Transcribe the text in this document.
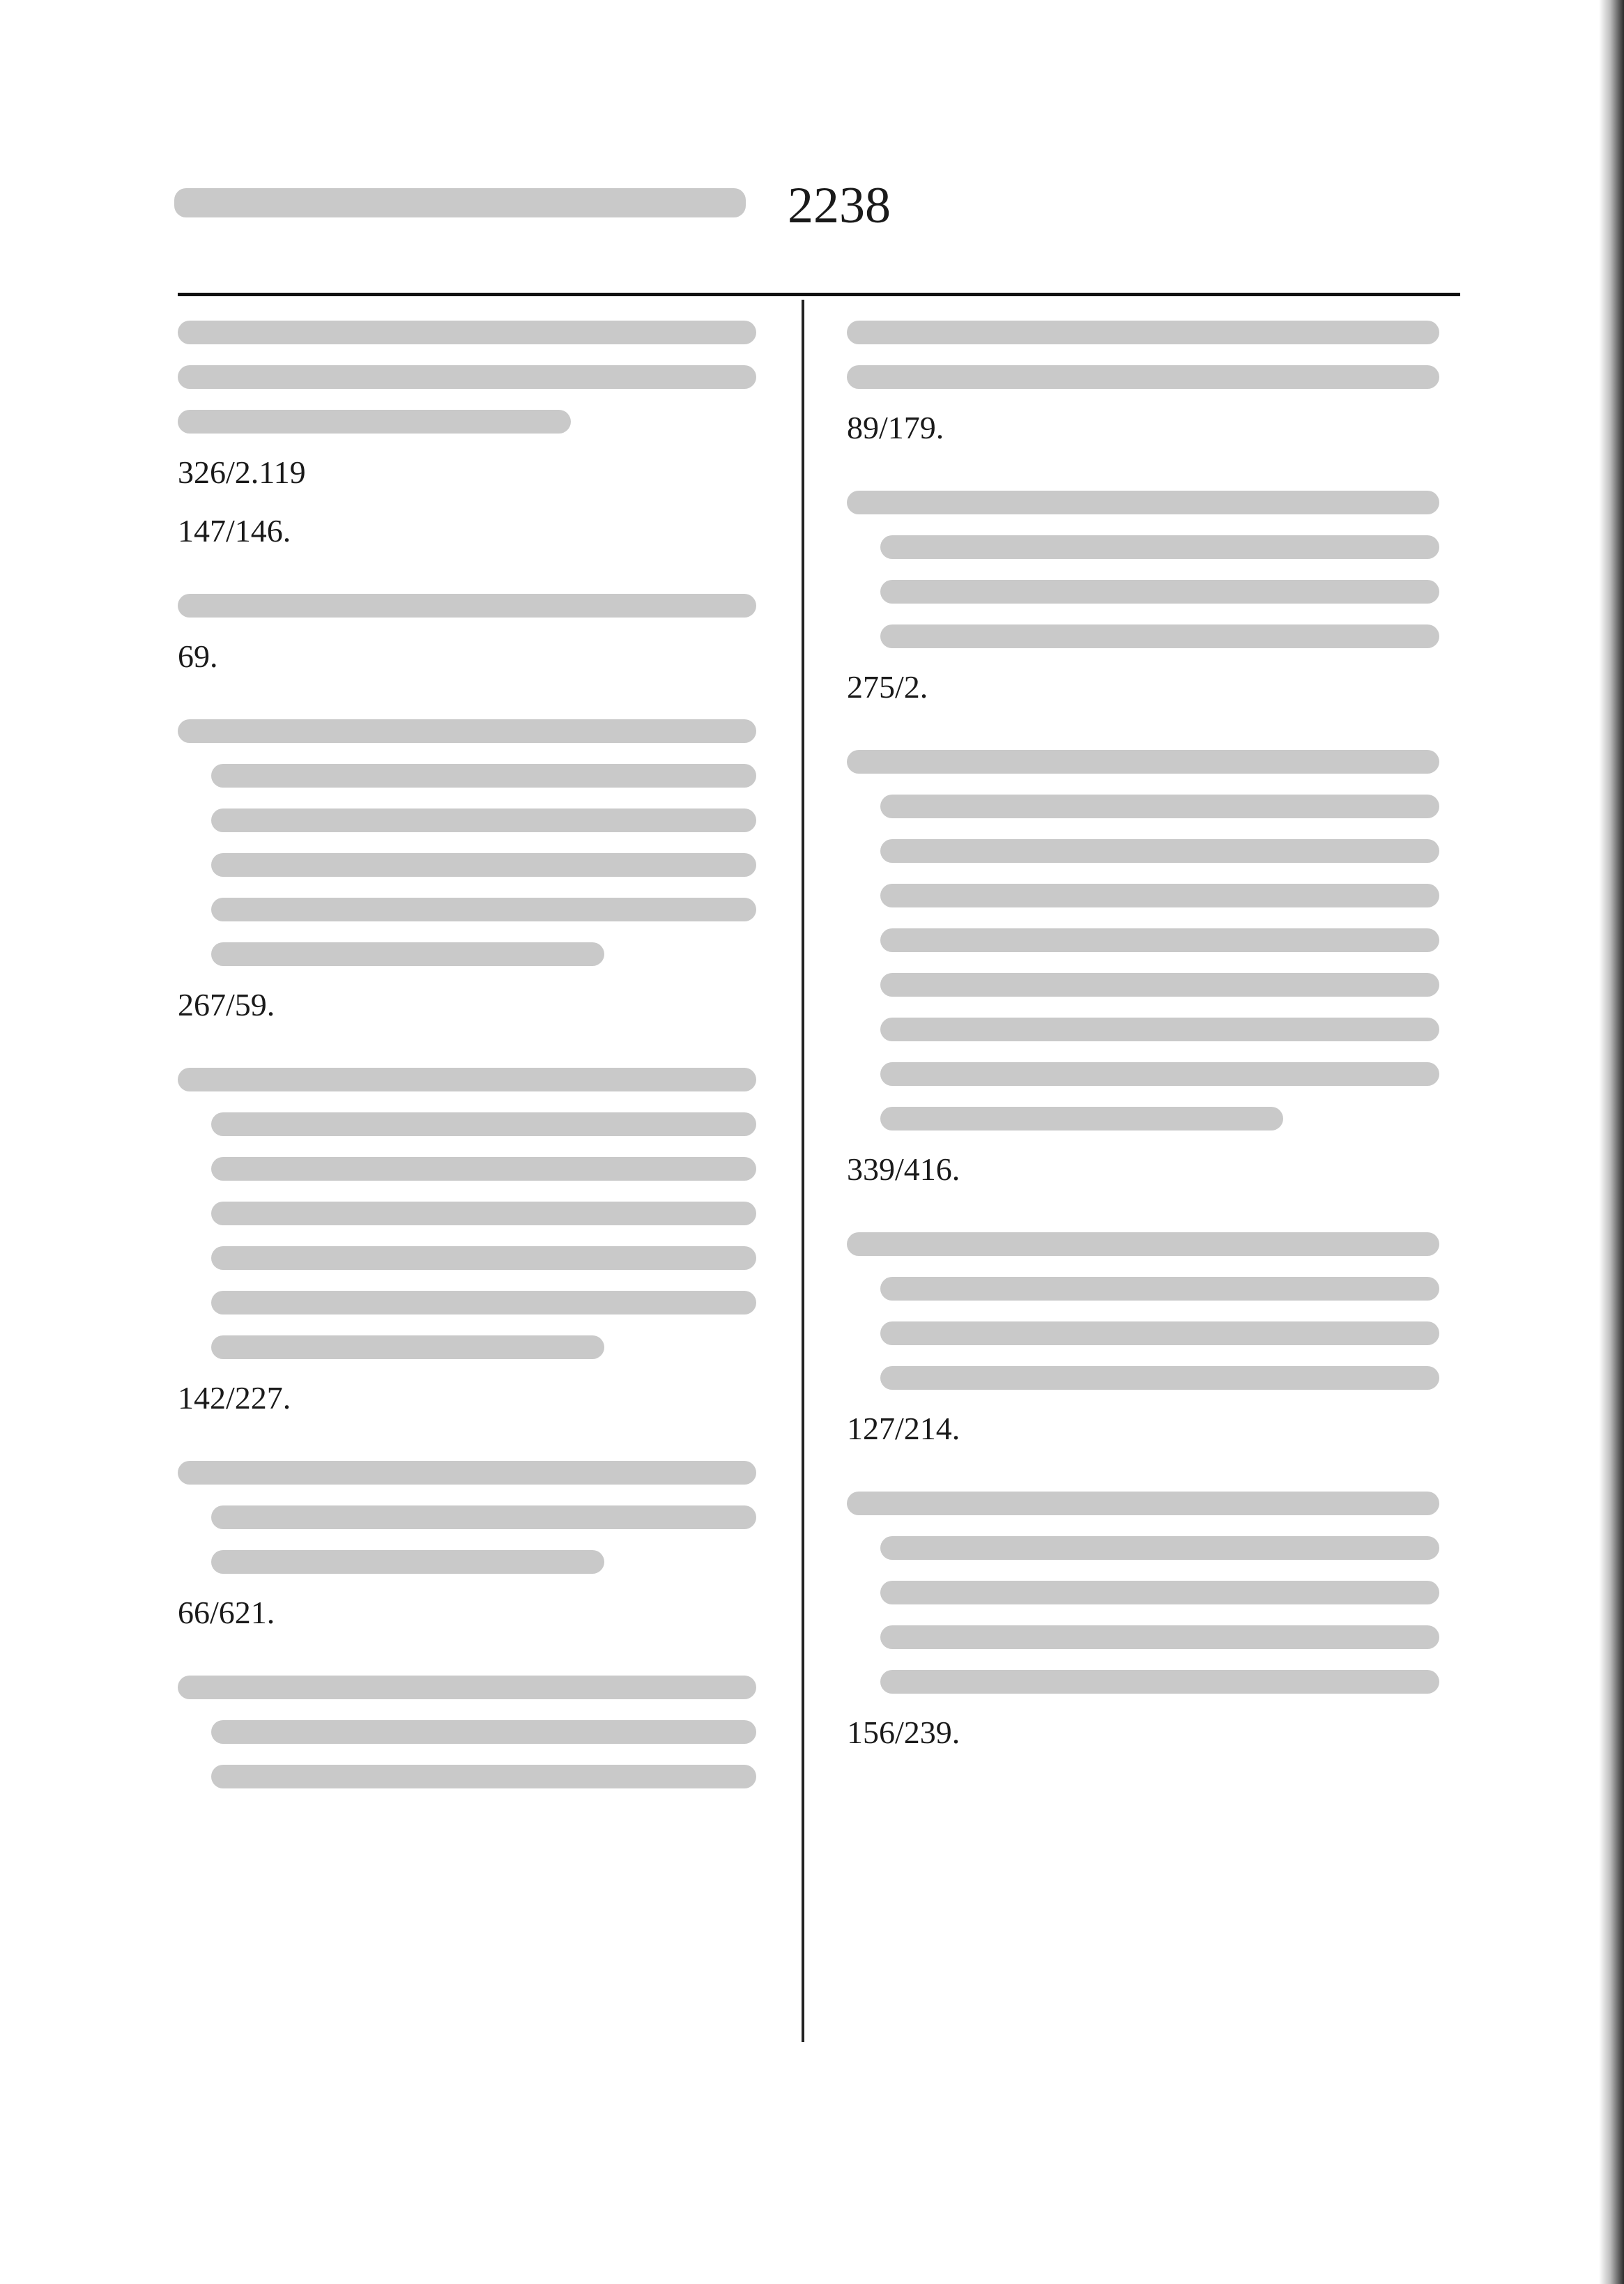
2238
326/2.119
147/146.
69.
267/59.
142/227.
66/621.
89/179.
275/2.
339/416.
127/214.
156/239.
